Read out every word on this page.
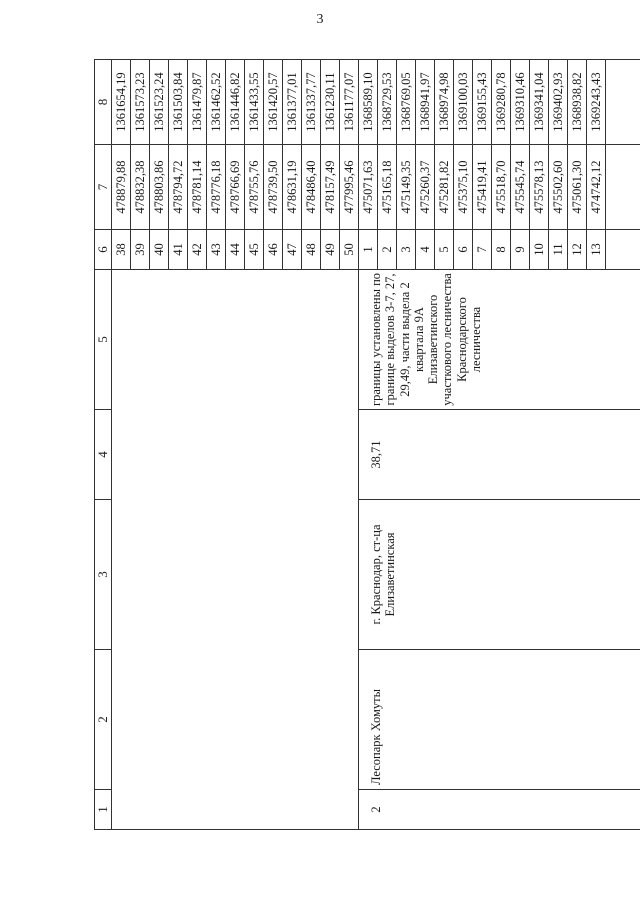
3
1	2	3	4	5	6	7	8
					38	478879,88	1361654,19
					39	478832,38	1361573,23
					40	478803,86	1361523,24
					41	478794,72	1361503,84
					42	478781,14	1361479,87
					43	478776,18	1361462,52
					44	478766,69	1361446,82
					45	478755,76	1361433,55
					46	478739,50	1361420,57
					47	478631,19	1361377,01
					48	478486,40	1361337,77
					49	478157,49	1361230,11
					50	477995,46	1361177,07
2	Лесопарк Хомуты	г. Краснодар, ст-ца Елизаветинская	38,71	границы установлены по границе выделов 3-7, 27, 29,49, части выдела 2 квартала 9А Елизаветинского участкового лесничества Краснодарского лесничества	1	475071,63	1368589,10
					2	475165,18	1368729,53
					3	475149,35	1368769,05
					4	475260,37	1368941,97
					5	475281,82	1368974,98
					6	475375,10	1369100,03
					7	475419,41	1369155,43
					8	475518,70	1369280,78
					9	475545,74	1369310,46
					10	475578,13	1369341,04
					11	475502,60	1369402,93
					12	475061,30	1368938,82
					13	474742,12	1369243,43
